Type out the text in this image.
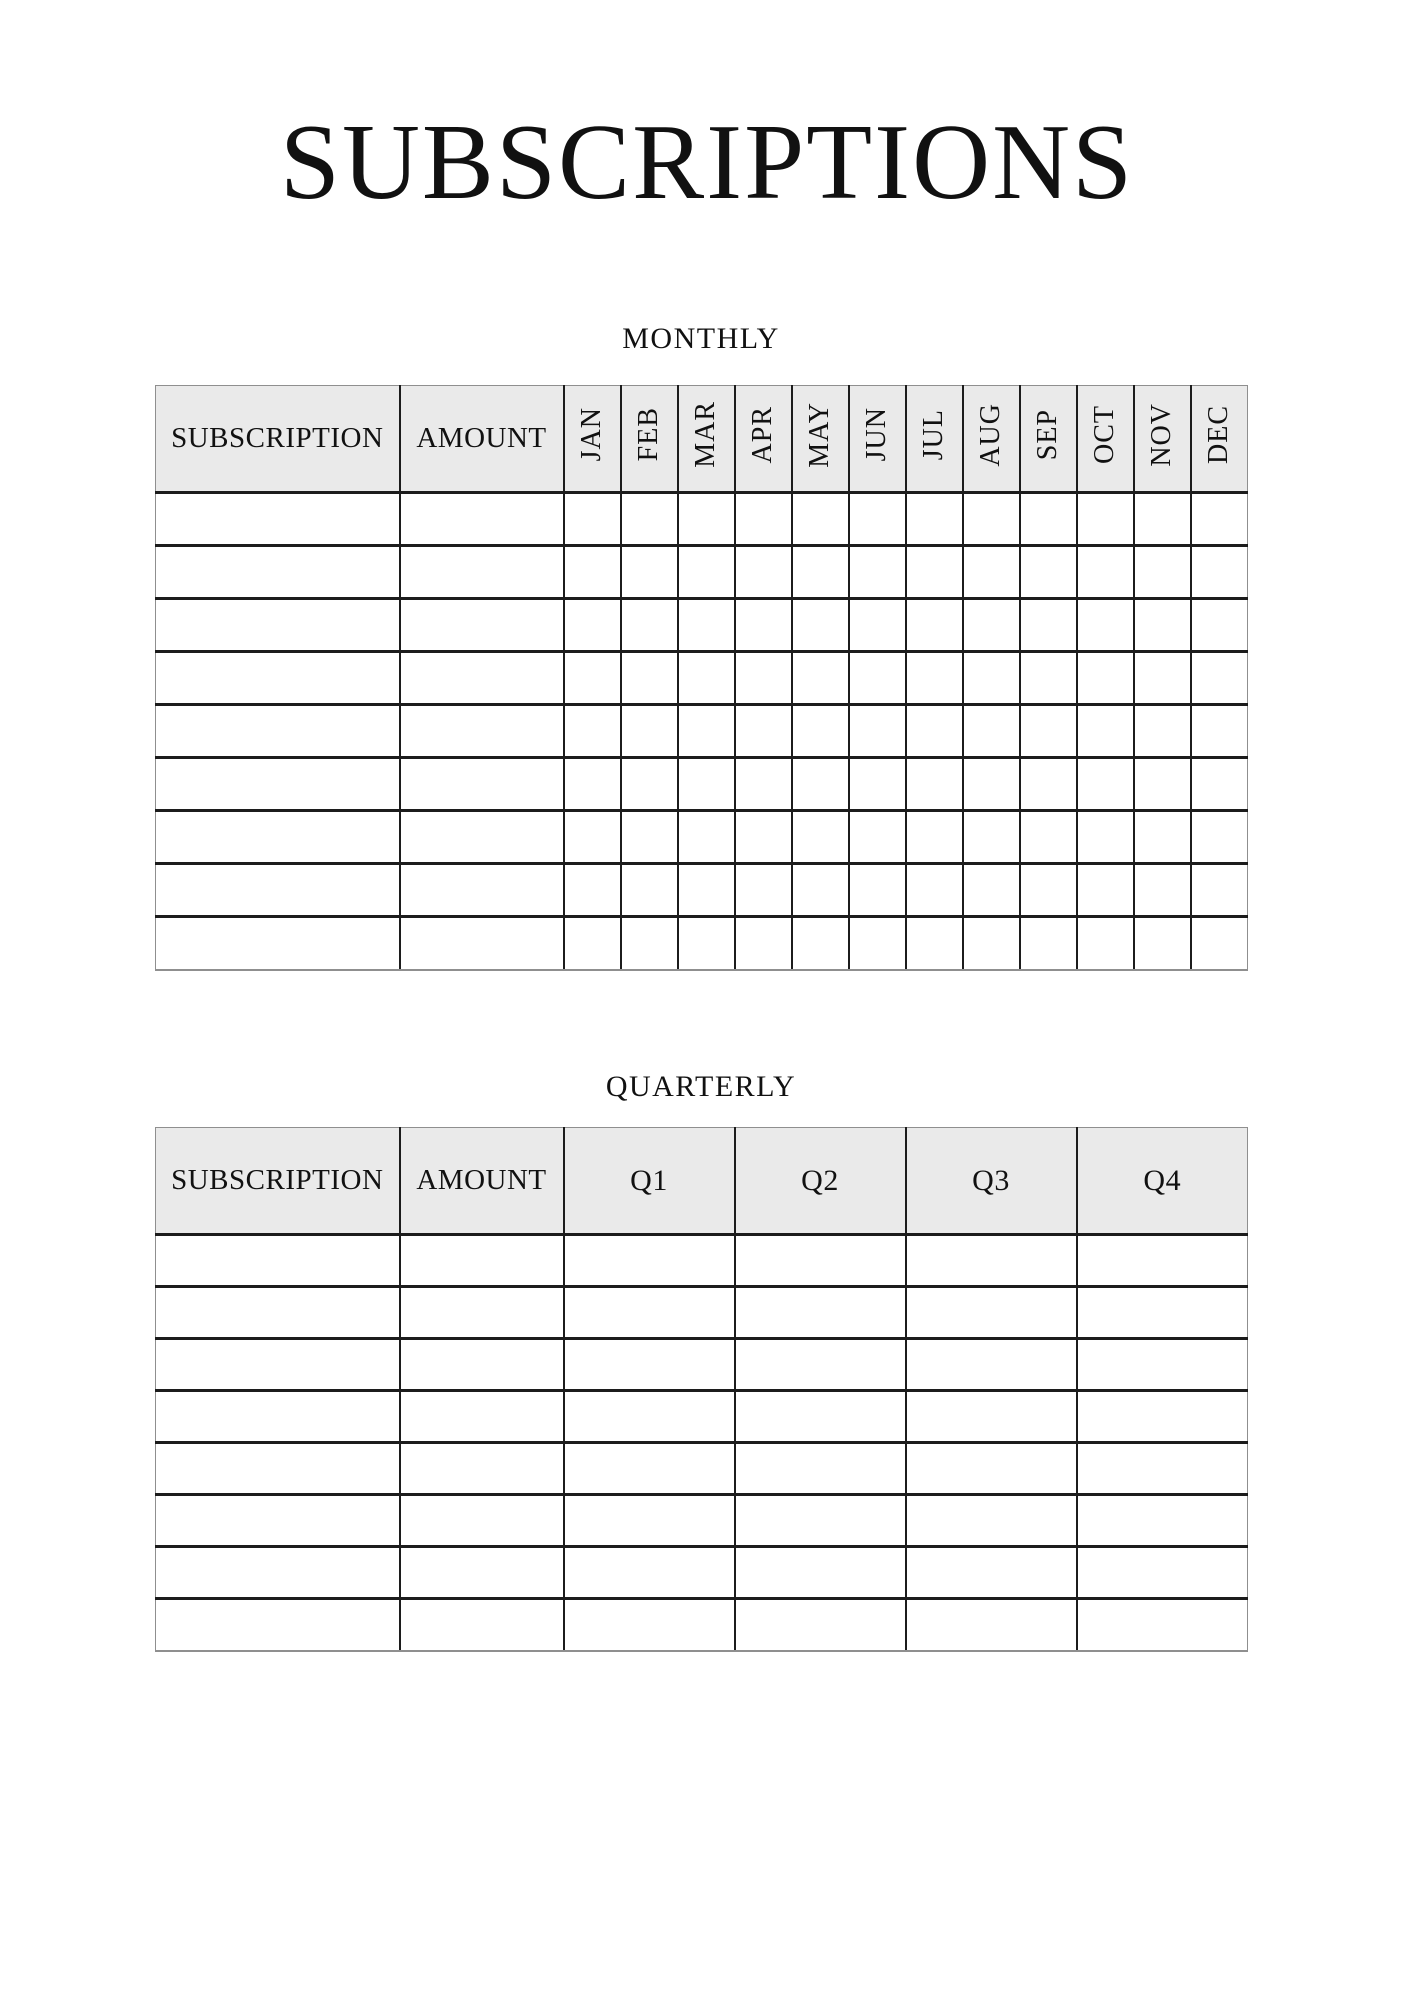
SUBSCRIPTIONS
MONTHLY
SUBSCRIPTION	AMOUNT	JAN	FEB	MAR	APR	MAY	JUN	JUL	AUG	SEP	OCT	NOV	DEC

QUARTERLY
SUBSCRIPTION	AMOUNT	Q1	Q2	Q3	Q4
